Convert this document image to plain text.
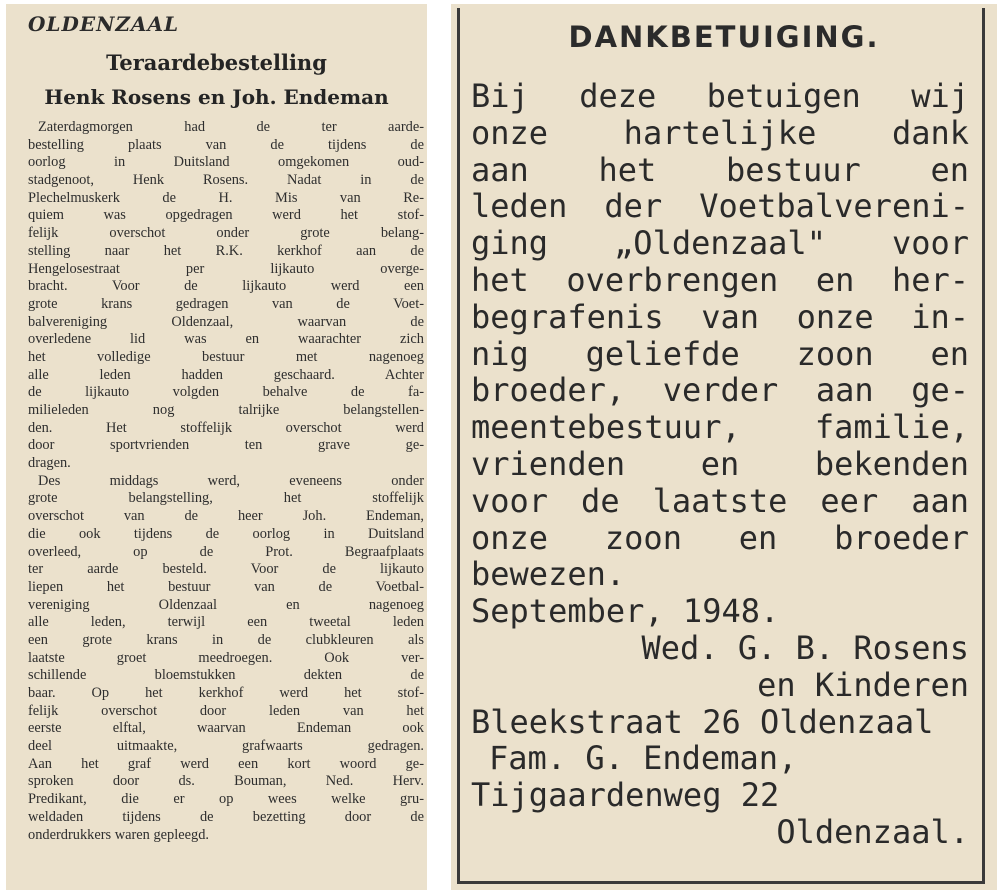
OLDENZAAL

Teraardebestelling

Henk Rosens en Joh. Endeman

Zaterdagmorgen had de ter aarde-
bestelling plaats van de tijdens de
oorlog in Duitsland omgekomen oud-
stadgenoot, Henk Rosens. Nadat in de
Plechelmuskerk de H. Mis van Re-
quiem was opgedragen werd het stof-
felijk overschot onder grote belang-
stelling naar het R.K. kerkhof aan de
Hengelosestraat per lijkauto overge-
bracht. Voor de lijkauto werd een
grote krans gedragen van de Voet-
balvereniging Oldenzaal, waarvan de
overledene lid was en waarachter zich
het volledige bestuur met nagenoeg
alle leden hadden geschaard. Achter
de lijkauto volgden behalve de fa-
milieleden nog talrijke belangstellen-
den. Het stoffelijk overschot werd
door sportvrienden ten grave ge-
dragen.

Des middags werd, eveneens onder
grote belangstelling, het stoffelijk
overschot van de heer Joh. Endeman,
die ook tijdens de oorlog in Duitsland
overleed, op de Prot. Begraafplaats
ter aarde besteld. Voor de lijkauto
liepen het bestuur van de Voetbal-
vereniging Oldenzaal en nagenoeg
alle leden, terwijl een tweetal leden
een grote krans in de clubkleuren als
laatste groet meedroegen. Ook ver-
schillende bloemstukken dekten de
baar. Op het kerkhof werd het stof-
felijk overschot door leden van het
eerste elftal, waarvan Endeman ook
deel uitmaakte, grafwaarts gedragen.
Aan het graf werd een kort woord ge-
sproken door ds. Bouman, Ned. Herv.
Predikant, die er op wees welke gru-
weldaden tijdens de bezetting door de
onderdrukkers waren gepleegd.

DANKBETUIGING.

Bij deze betuigen wij
onze hartelijke dank
aan het bestuur en
leden der Voetbalvereni-
ging „Oldenzaal" voor
het overbrengen en her-
begrafenis van onze in-
nig geliefde zoon en
broeder, verder aan ge-
meentebestuur, familie,
vrienden en bekenden
voor de laatste eer aan
onze zoon en broeder
bewezen.
September, 1948.
Wed. G. B. Rosens
en Kinderen
Bleekstraat 26 Oldenzaal
Fam. G. Endeman,
Tijgaardenweg 22
Oldenzaal.
